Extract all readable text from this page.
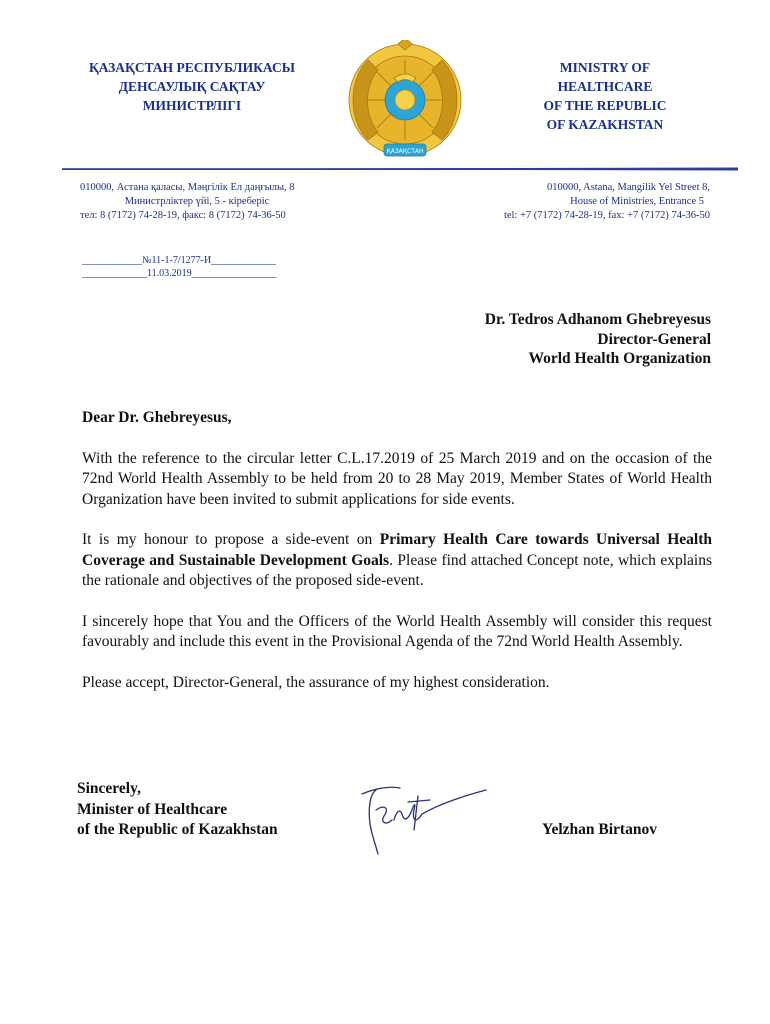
ҚАЗАҚСТАН РЕСПУБЛИКАСЫ
ДЕНСАУЛЫҚ САҚТАУ
МИНИСТРЛІГІ
ҚАЗАҚСТАН
MINISTRY OF
HEALTHCARE
OF THE REPUBLIC
OF KAZAKHSTAN
010000, Астана қаласы, Мәңгілік Ел даңғылы, 8
Министрліктер үйі, 5 - кіреберіс
тел: 8 (7172) 74-28-19, факс: 8 (7172) 74-36-50
010000, Astana, Mangilik Yel Street 8,
House of Ministries, Entrance 5
tel: +7 (7172) 74-28-19, fax: +7 (7172) 74-36-50
____________№11-1-7/1277-И_____________
_____________11.03.2019_________________
Dr. Tedros Adhanom Ghebreyesus
Director-General
World Health Organization

Dear Dr. Ghebreyesus,

With the reference to the circular letter C.L.17.2019 of 25 March 2019 and on the occasion of the 72nd World Health Assembly to be held from 20 to 28 May 2019, Member States of World Health Organization have been invited to submit applications for side events.

It is my honour to propose a side-event on Primary Health Care towards Universal Health Coverage and Sustainable Development Goals. Please find attached Concept note, which explains the rationale and objectives of the proposed side-event.

I sincerely hope that You and the Officers of the World Health Assembly will consider this request favourably and include this event in the Provisional Agenda of the 72nd World Health Assembly.

Please accept, Director-General, the assurance of my highest consideration.

Sincerely,
Minister of Healthcare
of the Republic of Kazakhstan	Yelzhan Birtanov
